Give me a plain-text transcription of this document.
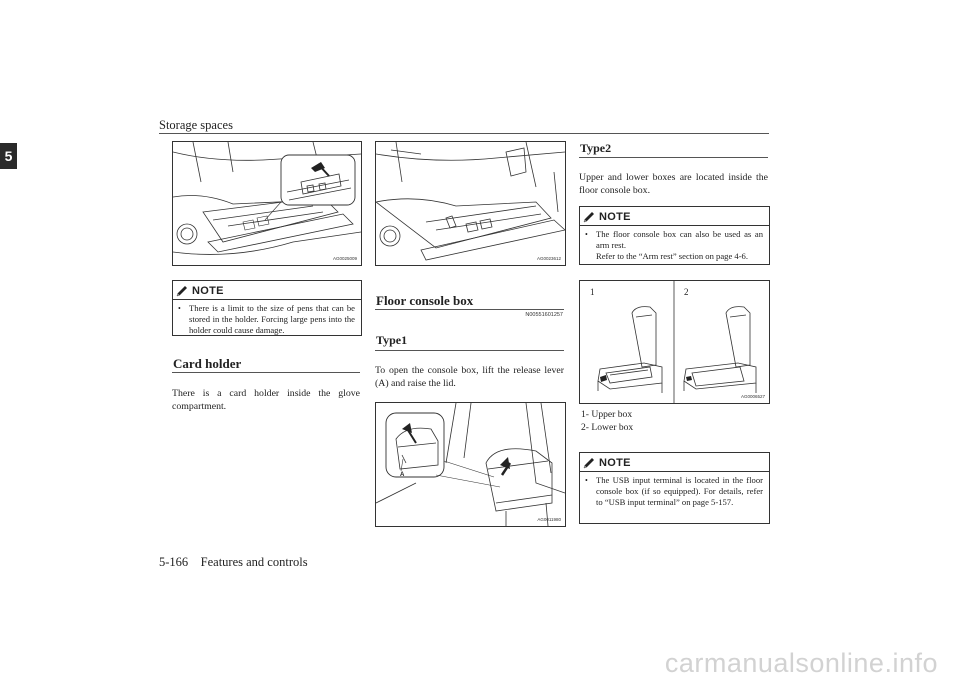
Storage spaces
5
AG0025009
NOTE
• There is a limit to the size of pens that can be stored in the holder. Forcing large pens into the holder could cause damage.
Card holder
There is a card holder inside the glove compartment.
AG0023612
Floor console box
N00551601257
Type1
To open the console box, lift the release lever (A) and raise the lid.
A
AG0011980
Type2
Upper and lower boxes are located inside the floor console box.
NOTE
• The floor console box can also be used as an arm rest.
Refer to the “Arm rest” section on page 4-6.
1	2
AG0006527
1- Upper box
2- Lower box
NOTE
• The USB input terminal is located in the floor console box (if so equipped). For details, refer to “USB input terminal” on page 5-157.
5-166    Features and controls
carmanualsonline.info
